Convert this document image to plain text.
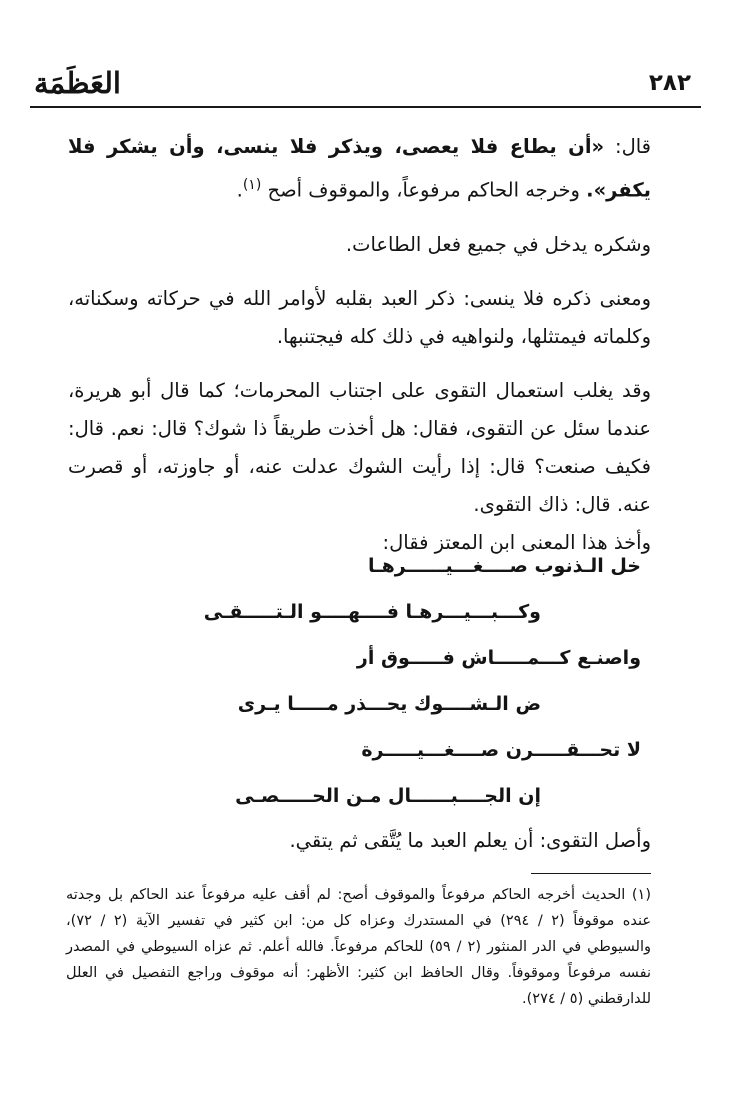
٢٨٢
العَظَمَة

قال: «أن يطاع فلا يعصى، ويذكر فلا ينسى، وأن يشكر فلا يكفر». وخرجه الحاكم مرفوعاً، والموقوف أصح $^{(١)}$.

وشكره يدخل في جميع فعل الطاعات.

ومعنى ذكره فلا ينسى: ذكر العبد بقلبه لأوامر الله في حركاته وسكناته، وكلماته فيمتثلها، ولنواهيه في ذلك كله فيجتنبها.

وقد يغلب استعمال التقوى على اجتناب المحرمات؛ كما قال أبو هريرة، عندما سئل عن التقوى، فقال: هل أخذت طريقاً ذا شوك؟ قال: نعم. قال: فكيف صنعت؟ قال: إذا رأيت الشوك عدلت عنه، أو جاوزته، أو قصرت عنه. قال: ذاك التقوى.

وأخذ هذا المعنى ابن المعتز فقال:

خل الـذنوب صــــغـــيــــــرهـا
وكـــبـــيـــرهـا فــــهــــو الـتـــــقـى
واصنـع كـــمـــــاش فـــــوق أر
ض الـشــــوك يحـــذر مـــــا يـرى
لا تحـــقـــــرن صــــغـــيـــــرة
إن الجــــبــــــال مـن الحـــــصـى
وأصل التقوى: أن يعلم العبد ما يُتَّقى ثم يتقي.
(١) الحديث أخرجه الحاكم مرفوعاً والموقوف أصح: لم أقف عليه مرفوعاً عند الحاكم بل وجدته عنده موقوفاً (٢ / ٢٩٤) في المستدرك وعزاه كل من: ابن كثير في تفسير الآية (٢ / ٧٢)، والسيوطي في الدر المنثور (٢ / ٥٩) للحاكم مرفوعاً. فالله أعلم. ثم عزاه السيوطي في المصدر نفسه مرفوعاً وموقوفاً. وقال الحافظ ابن كثير: الأظهر: أنه موقوف وراجع التفصيل في العلل للدارقطني (٥ / ٢٧٤).
